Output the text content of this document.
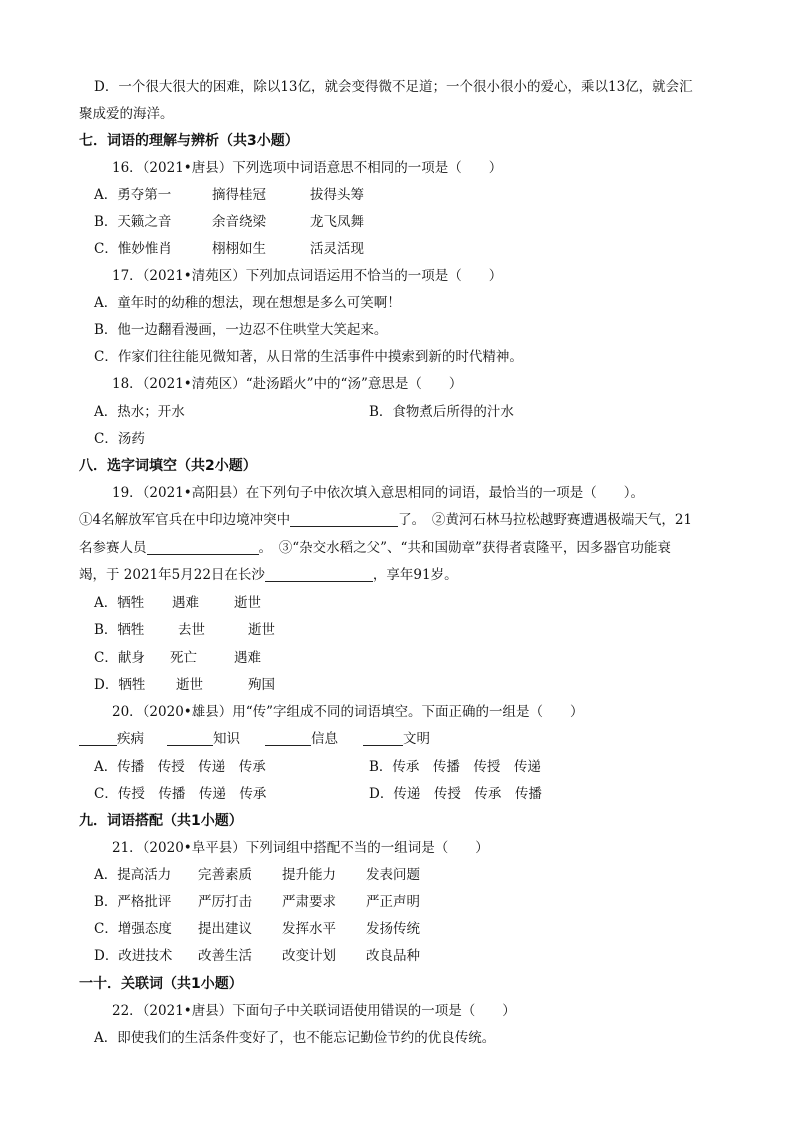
D．一个很大很大的困难，除以13亿，就会变得微不足道；一个很小很小的爱心，乘以13亿，就会汇
聚成爱的海洋。
七．词语的理解与辨析（共3小题）
16．（2021•唐县）下列选项中词语意思不相同的一项是（　　）
A．勇夺第一	摘得桂冠	拔得头筹
B．天籁之音	余音绕梁	龙飞凤舞
C．惟妙惟肖	栩栩如生	活灵活现
17．（2021•清苑区）下列加点词语运用不恰当的一项是（　　）
A．童年时的幼稚的想法，现在想想是多么可笑啊！
B．他一边翻看漫画，一边忍不住哄堂大笑起来。
C．作家们往往能见微知著，从日常的生活事件中摸索到新的时代精神。
18．（2021•清苑区）“赴汤蹈火”中的“汤”意思是（　　）
A．热水；开水	B．食物煮后所得的汁水
C．汤药
八．选字词填空（共2小题）
19．（2021•高阳县）在下列句子中依次填入意思相同的词语，最恰当的一项是（　　）。
①4名解放军官兵在中印边境冲突中	了。　②黄河石林马拉松越野赛遭遇极端天气，21
名参赛人员	。　③“杂交水稻之父”、“共和国勋章”获得者袁隆平，因多器官功能衰
竭，于 2021年5月22日在长沙	，享年91岁。
A．牺牲 遇难	逝世
B．牺牲 去世	逝世
C．献身 死亡	遇难
D．牺牲 逝世	殉国
20．（2020•雄县）用“传”字组成不同的词语填空。下面正确的一组是（　　）
疾病	知识	信息	文明
A．传播　传授　传递　传承	B．传承　传播　传授　传递
C．传授　传播　传递　传承	D．传递　传授　传承　传播
九．词语搭配（共1小题）
21．（2020•阜平县）下列词组中搭配不当的一组词是（　　）
A．提高活力 完善素质 提升能力 发表问题
B．严格批评 严厉打击 严肃要求 严正声明
C．增强态度 提出建议 发挥水平 发扬传统
D．改进技术 改善生活 改变计划 改良品种
一十．关联词（共1小题）
22．（2021•唐县）下面句子中关联词语使用错误的一项是（　　）
A．即使我们的生活条件变好了，也不能忘记勤俭节约的优良传统。
